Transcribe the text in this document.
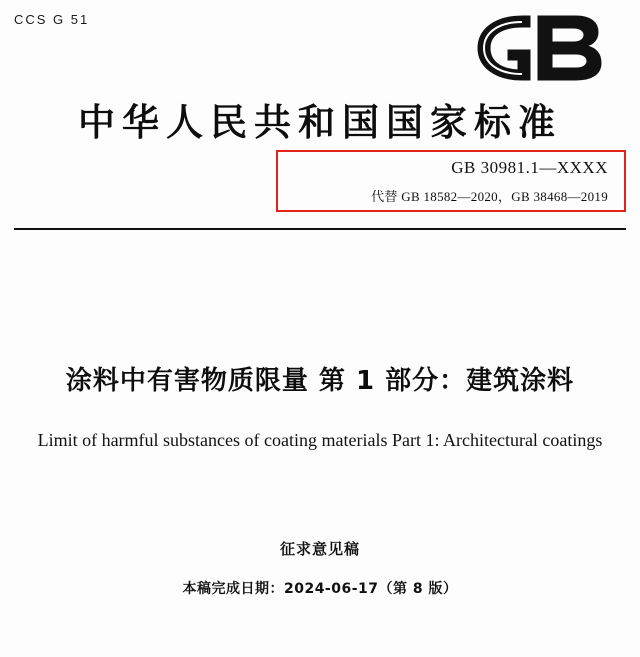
CCS G 51
中华人民共和国国家标准
GB 30981.1—XXXX
代替 GB 18582—2020，GB 38468—2019
涂料中有害物质限量 第 1 部分：建筑涂料
Limit of harmful substances of coating materials Part 1: Architectural coatings
征求意见稿
本稿完成日期：2024-06-17（第 8 版）
